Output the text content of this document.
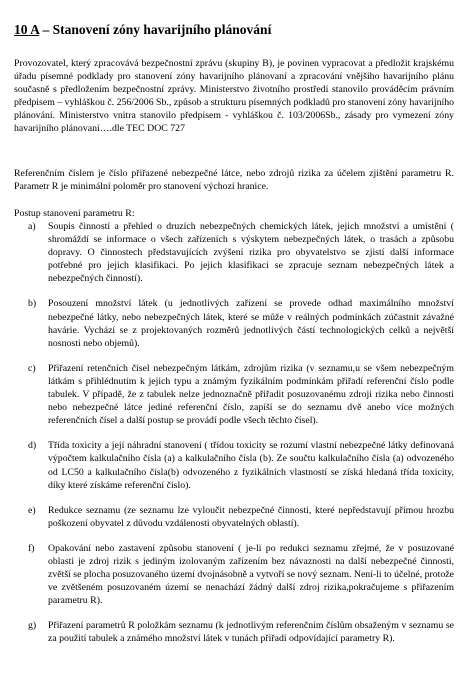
10 A – Stanovení zóny havarijního plánování

Provozovatel, který zpracovává bezpečnostní zprávu (skupiny B), je povinen vypracovat a předložit krajskému úřadu písemné podklady pro stanovení zóny havarijního plánovaní a zpracování vnějšího havarijního plánu současně s předložením bezpečnostní zprávy. Ministerstvo životního prostředí stanovilo prováděcím právním předpisem – vyhláškou č. 256/2006 Sb., způsob a strukturu písemných podkladů pro stanovení zóny havarijního plánování. Ministerstvo vnitra stanovilo předpisem - vyhláškou č. 103/2006Sb., zásady pro vymezení zóny havarijního plánovaní….dle TEC DOC 727

Referenčním číslem je číslo přiřazené nebezpečné látce, nebo zdrojů rizika za účelem zjištění parametru R. Parametr R je minimální poloměr pro stanovení výchozí hranice.

Postup stanovení parametru R:

a) Soupis činností a přehled o druzích nebezpečných chemických látek, jejich množství a umístění ( shromáždí se informace o všech zařízeních s výskytem nebezpečných látek, o trasách a způsobu dopravy. O činnostech představujících zvýšení rizika pro obyvatelstvo se zjistí další informace potřebné pro jejich klasifikaci. Po jejich klasifikaci se zpracuje seznam nebezpečných látek a nebezpečných činností).
b) Posouzení množství látek (u jednotlivých zařízení se provede odhad maximálního množství nebezpečné látky, nebo nebezpečných látek, které se může v reálných podmínkách zúčastnit závažné havárie. Vychází se z projektovaných rozměrů jednotlivých částí technologických celků a největší nosnosti nebo objemů).
c) Přiřazení retenčních čísel nebezpečným látkám, zdrojům rizika (v seznamu,u se všem nebezpečným látkám s přihlédnutím k jejich typu a známým fyzikálním podmínkám přiřadí referenční číslo podle tabulek. V případě, že z tabulek nelze jednoznačně přiřadit posuzovanému zdroji rizika nebo činnosti nebo nebezpečné látce jediné referenční číslo, zapíší se do seznamu dvě anebo více možných referenčních čísel a další postup se provádí podle všech těchto čísel).
d) Třída toxicity a její náhradní stanovení ( třídou toxicity se rozumí vlastní nebezpečné látky definovaná výpočtem kalkulačního čísla (a) a kalkulačního čísla (b). Ze součtu kalkulačního čísla (a) odvozeného od LC50 a kalkulačního čísla(b) odvozeného z fyzikálních vlastností se získá hledaná třída toxicity, díky které získáme referenční číslo).
e) Redukce seznamu (ze seznamu lze vyloučit nebezpečné činnosti, které nepředstavují přímou hrozbu poškození obyvatel z důvodu vzdálenosti obyvatelných oblastí).
f) Opakování nebo zastavení způsobu stanovení ( je-li po redukci seznamu zřejmé, že v posuzované oblasti je zdroj rizik s jediným izolovaným zařízením bez návaznosti na další nebezpečné činnosti, zvětší se plocha posuzovaného území dvojnásobně a vytvoří se nový seznam. Není-li to účelné, protože ve zvětšeném posuzovaném území se nenachází žádný další zdroj rizika,pokračujeme s přiřazením parametru R).
g) Přiřazení parametrů R položkám seznamu (k jednotlivým referenčním číslům obsaženým v seznamu se za použití tabulek a známého množství látek v tunách přiřadí odpovídající parametry R).
